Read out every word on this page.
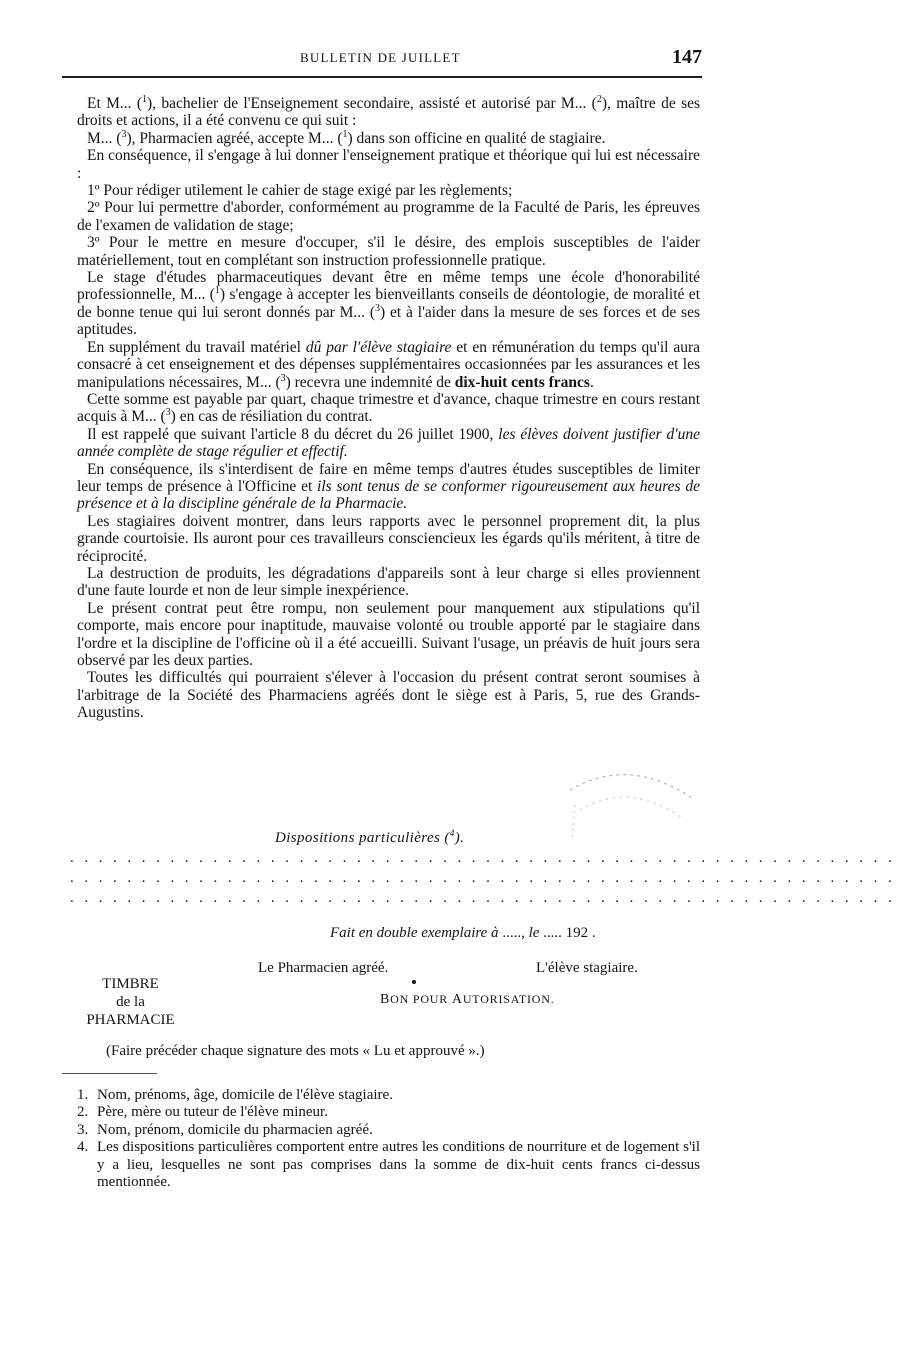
BULLETIN DE JUILLET	147

Et M... ($^1$), bachelier de l'Enseignement secondaire, assisté et autorisé par M... ($^2$), maître de ses droits et actions, il a été convenu ce qui suit :

M... ($^3$), Pharmacien agréé, accepte M... ($^1$) dans son officine en qualité de stagiaire.

En conséquence, il s'engage à lui donner l'enseignement pratique et théorique qui lui est nécessaire :

1º Pour rédiger utilement le cahier de stage exigé par les règlements;

2º Pour lui permettre d'aborder, conformément au programme de la Faculté de Paris, les épreuves de l'examen de validation de stage;

3º Pour le mettre en mesure d'occuper, s'il le désire, des emplois susceptibles de l'aider matériellement, tout en complétant son instruction professionnelle pratique.

Le stage d'études pharmaceutiques devant être en même temps une école d'honorabilité professionnelle, M... ($^1$) s'engage à accepter les bienveillants conseils de déontologie, de moralité et de bonne tenue qui lui seront donnés par M... ($^3$) et à l'aider dans la mesure de ses forces et de ses aptitudes.

En supplément du travail matériel dû par l'élève stagiaire et en rémunération du temps qu'il aura consacré à cet enseignement et des dépenses supplémentaires occasionnées par les assurances et les manipulations nécessaires, M... ($^3$) recevra une indemnité de dix-huit cents francs.

Cette somme est payable par quart, chaque trimestre et d'avance, chaque trimestre en cours restant acquis à M... ($^3$) en cas de résiliation du contrat.

Il est rappelé que suivant l'article 8 du décret du 26 juillet 1900, les élèves doivent justifier d'une année complète de stage régulier et effectif.

En conséquence, ils s'interdisent de faire en même temps d'autres études susceptibles de limiter leur temps de présence à l'Officine et ils sont tenus de se conformer rigoureusement aux heures de présence et à la discipline générale de la Pharmacie.

Les stagiaires doivent montrer, dans leurs rapports avec le personnel proprement dit, la plus grande courtoisie. Ils auront pour ces travailleurs consciencieux les égards qu'ils méritent, à titre de réciprocité.

La destruction de produits, les dégradations d'appareils sont à leur charge si elles proviennent d'une faute lourde et non de leur simple inexpérience.

Le présent contrat peut être rompu, non seulement pour manquement aux stipulations qu'il comporte, mais encore pour inaptitude, mauvaise volonté ou trouble apporté par le stagiaire dans l'ordre et la discipline de l'officine où il a été accueilli. Suivant l'usage, un préavis de huit jours sera observé par les deux parties.

Toutes les difficultés qui pourraient s'élever à l'occasion du présent contrat seront soumises à l'arbitrage de la Société des Pharmaciens agréés dont le siège est à Paris, 5, rue des Grands-Augustins.

Dispositions particulières ($^4$).
..........................................................
..........................................................
..........................................................
Fait en double exemplaire à ....., le ..... 192 .
Le Pharmacien agréé.	L'élève stagiaire.
TIMBRE
de la
PHARMACIE
BON POUR AUTORISATION.
(Faire précéder chaque signature des mots « Lu et approuvé ».)
1. Nom, prénoms, âge, domicile de l'élève stagiaire.
2. Père, mère ou tuteur de l'élève mineur.
3. Nom, prénom, domicile du pharmacien agréé.
4. Les dispositions particulières comportent entre autres les conditions de nourriture et de logement s'il y a lieu, lesquelles ne sont pas comprises dans la somme de dix-huit cents francs ci-dessus mentionnée.
